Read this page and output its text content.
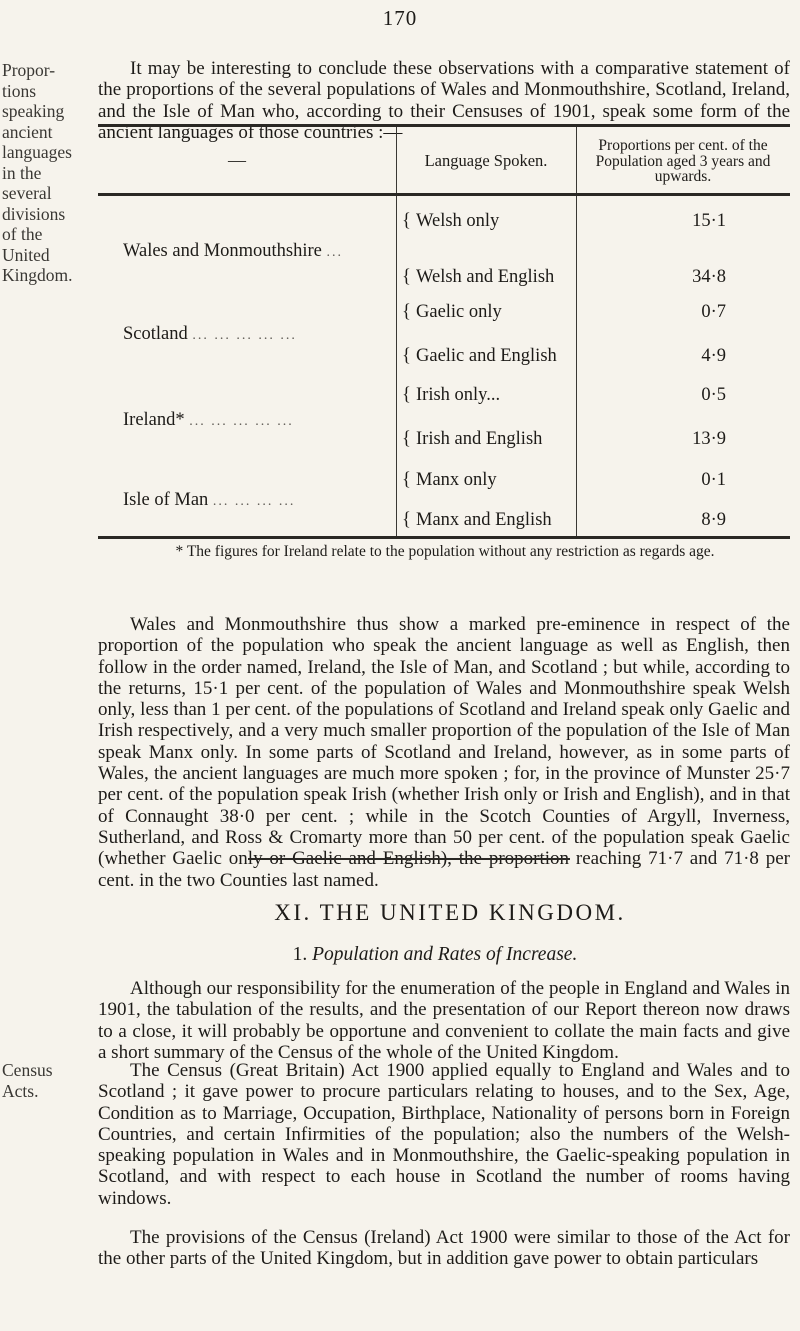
170
Propor-tions speaking ancient languages in the several divisions of the United Kingdom.
Census Acts.

It may be interesting to conclude these observations with a comparative statement of the proportions of the several populations of Wales and Monmouthshire, Scotland, Ireland, and the Isle of Man who, according to their Censuses of 1901, speak some form of the ancient languages of those countries :—

—	Language Spoken.
Proportions per cent. of the Population aged 3 years and upwards.
Wales and Monmouthshire ...
{ Welsh only	15·1
{ Welsh and English	34·8
Scotland ... ... ... ... ...
{ Gaelic only	0·7
{ Gaelic and English	4·9
Ireland* ... ... ... ... ...
{ Irish only...	0·5
{ Irish and English	13·9
Isle of Man ... ... ... ...
{ Manx only	0·1
{ Manx and English	8·9
* The figures for Ireland relate to the population without any restriction as regards age.

Wales and Monmouthshire thus show a marked pre-eminence in respect of the proportion of the population who speak the ancient language as well as English, then follow in the order named, Ireland, the Isle of Man, and Scotland ; but while, according to the returns, 15·1 per cent. of the population of Wales and Monmouthshire speak Welsh only, less than 1 per cent. of the populations of Scotland and Ireland speak only Gaelic and Irish respectively, and a very much smaller proportion of the population of the Isle of Man speak Manx only. In some parts of Scotland and Ireland, however, as in some parts of Wales, the ancient languages are much more spoken ; for, in the province of Munster 25·7 per cent. of the population speak Irish (whether Irish only or Irish and English), and in that of Connaught 38·0 per cent. ; while in the Scotch Counties of Argyll, Inverness, Sutherland, and Ross & Cromarty more than 50 per cent. of the population speak Gaelic (whether Gaelic only or Gaelic and English), the proportion reaching 71·7 and 71·8 per cent. in the two Counties last named.

XI. THE UNITED KINGDOM.
1. Population and Rates of Increase.

Although our responsibility for the enumeration of the people in England and Wales in 1901, the tabulation of the results, and the presentation of our Report thereon now draws to a close, it will probably be opportune and convenient to collate the main facts and give a short summary of the Census of the whole of the United Kingdom.

The Census (Great Britain) Act 1900 applied equally to England and Wales and to Scotland ; it gave power to procure particulars relating to houses, and to the Sex, Age, Condition as to Marriage, Occupation, Birthplace, Nationality of persons born in Foreign Countries, and certain Infirmities of the population; also the numbers of the Welsh-speaking population in Wales and in Monmouthshire, the Gaelic-speaking population in Scotland, and with respect to each house in Scotland the number of rooms having windows.

The provisions of the Census (Ireland) Act 1900 were similar to those of the Act for the other parts of the United Kingdom, but in addition gave power to obtain particulars
